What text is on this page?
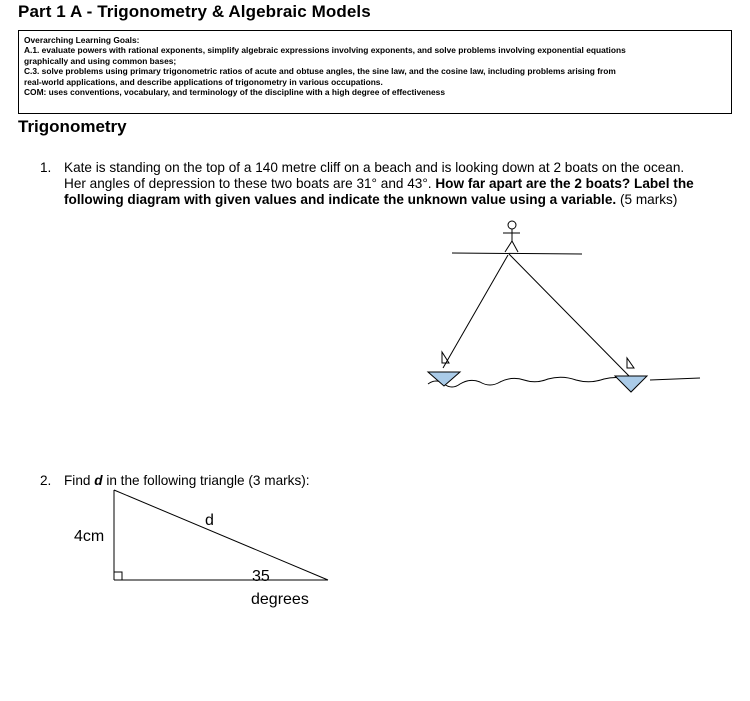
Part 1 A - Trigonometry & Algebraic Models
Overarching Learning Goals:
A.1. evaluate powers with rational exponents, simplify algebraic expressions involving exponents, and solve problems involving exponential equations
graphically and using common bases;
C.3. solve problems using primary trigonometric ratios of acute and obtuse angles, the sine law, and the cosine law, including problems arising from
real-world applications, and describe applications of trigonometry in various occupations.
COM: uses conventions, vocabulary, and terminology of the discipline with a high degree of effectiveness
Trigonometry
1. Kate is standing on the top of a 140 metre cliff on a beach and is looking down at 2 boats on the ocean.
Her angles of depression to these two boats are 31° and 43°. How far apart are the 2 boats? Label the
following diagram with given values and indicate the unknown value using a variable. (5 marks)
2. Find d in the following triangle (3 marks):
4cm
d
35
degrees
